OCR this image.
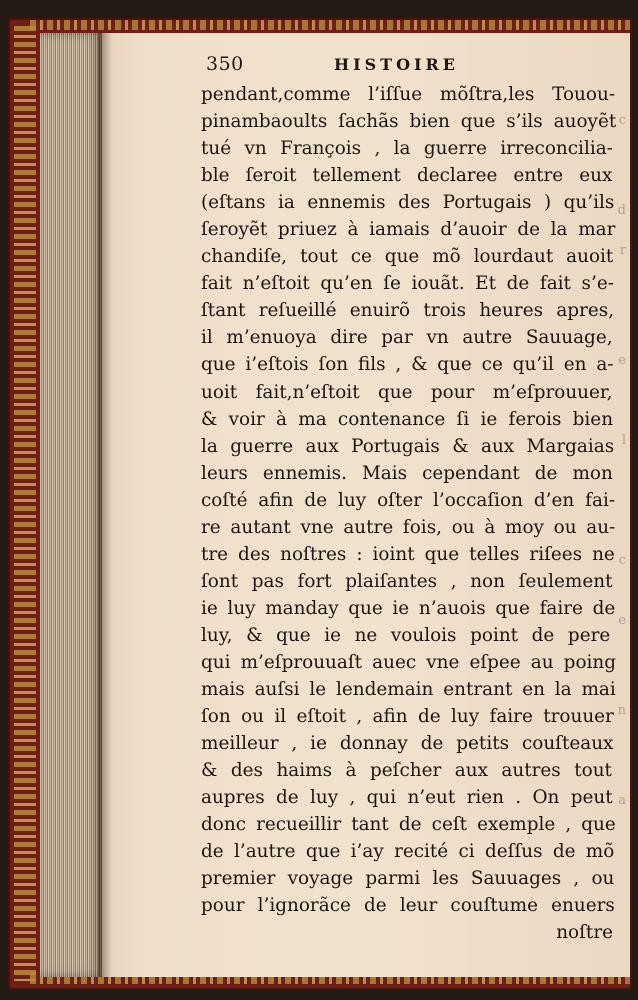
c
d
r
e
l
c
e
n
a
350	HISTOIRE
pendant,comme l’iſſue mõſtra,les Touou-
pinambaoults ſachãs bien que s’ils auoyẽt
tué vn François , la guerre irreconcilia-
ble ſeroit tellement declaree entre eux
(eſtans ia ennemis des Portugais ) qu’ils
ſeroyẽt priuez à iamais d’auoir de la mar
chandiſe, tout ce que mõ lourdaut auoit
fait n’eſtoit qu’en ſe iouãt. Et de fait s’e-
ſtant reſueillé enuirõ trois heures apres,
il m’enuoya dire par vn autre Sauuage,
que i’eſtois ſon fils , & que ce qu’il en a-
uoit fait,n’eſtoit que pour m’eſprouuer,
& voir à ma contenance ſi ie ferois bien
la guerre aux Portugais & aux Margaias
leurs ennemis. Mais cependant de mon
coſté afin de luy oſter l’occaſion d’en fai-
re autant vne autre fois, ou à moy ou au-
tre des noſtres : ioint que telles riſees ne
ſont pas fort plaiſantes , non ſeulement
ie luy manday que ie n’auois que faire de
luy, & que ie ne voulois point de pere
qui m’eſprouuaſt auec vne eſpee au poing
mais auſsi le lendemain entrant en la mai
ſon ou il eſtoit , afin de luy faire trouuer
meilleur , ie donnay de petits couſteaux
& des haims à peſcher aux autres tout
aupres de luy , qui n’eut rien . On peut
donc recueillir tant de ceſt exemple , que
de l’autre que i’ay recité ci deſſus de mõ
premier voyage parmi les Sauuages , ou
pour l’ignorãce de leur couſtume enuers
noſtre
